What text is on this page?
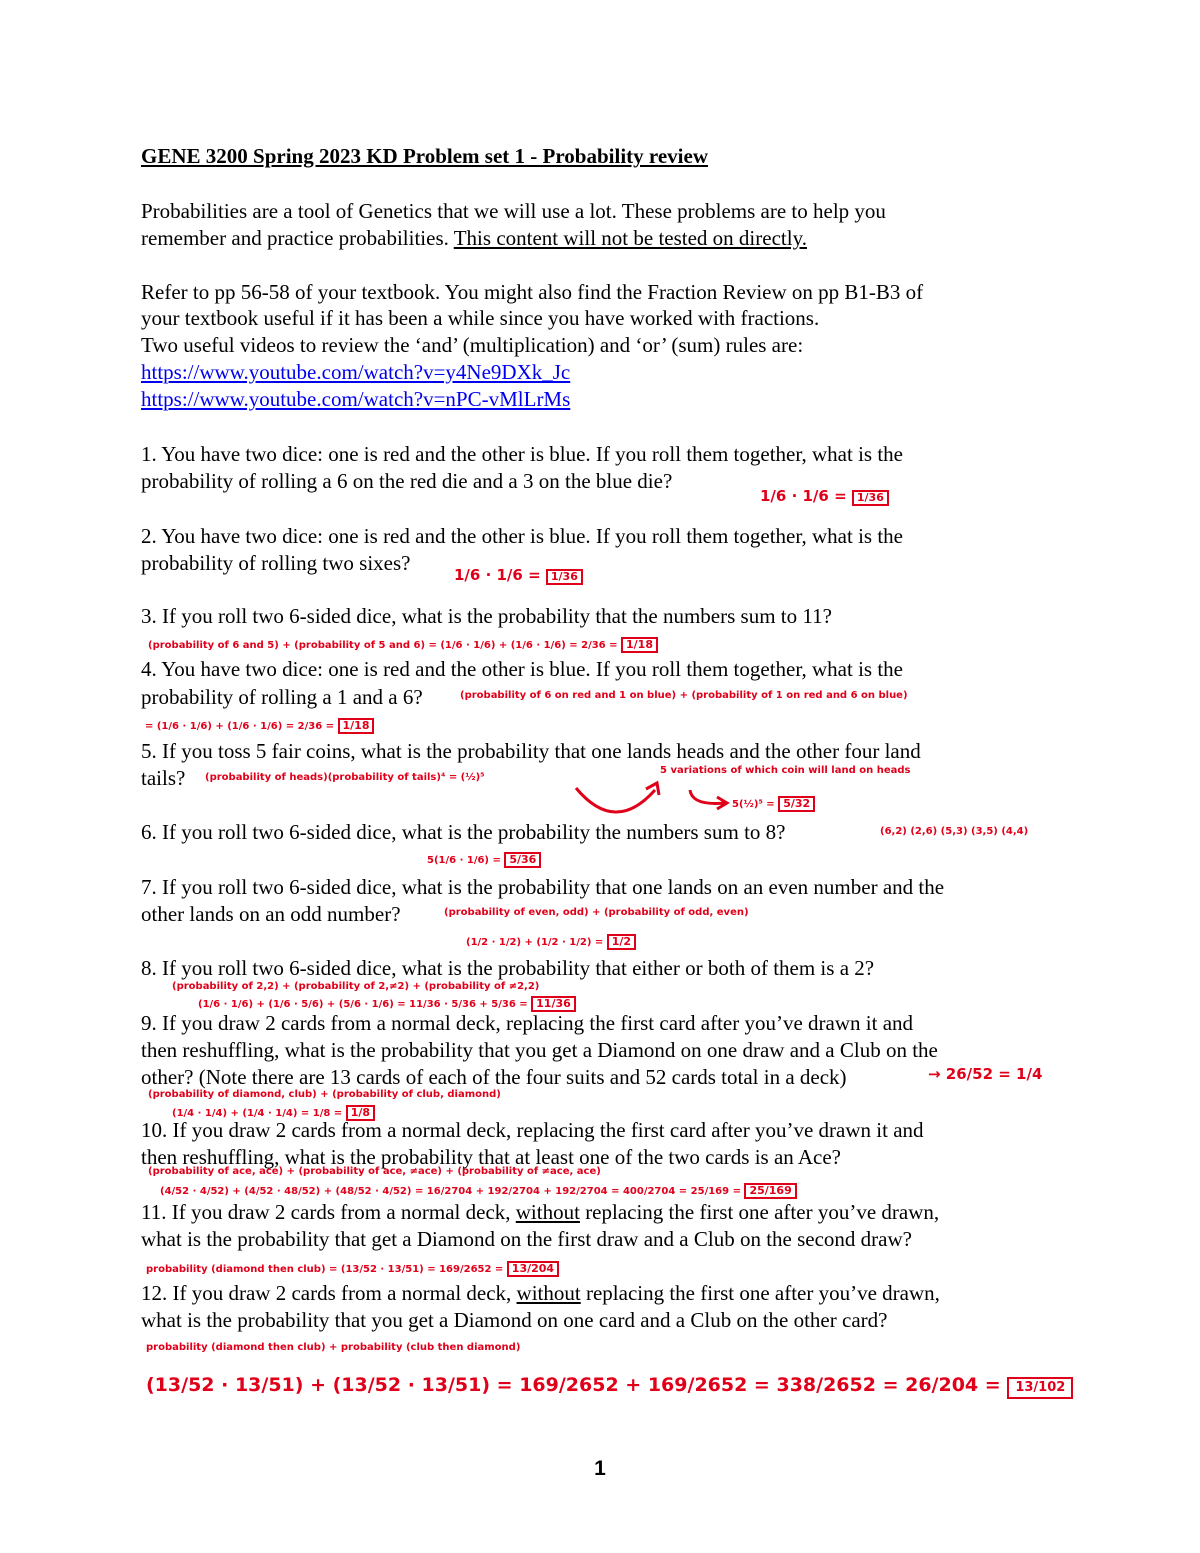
GENE 3200 Spring 2023 KD Problem set 1 - Probability review
Probabilities are a tool of Genetics that we will use a lot. These problems are to help you
remember and practice probabilities. This content will not be tested on directly.
Refer to pp 56-58 of your textbook. You might also find the Fraction Review on pp B1-B3 of
your textbook useful if it has been a while since you have worked with fractions.
Two useful videos to review the ‘and’ (multiplication) and ‘or’ (sum) rules are:
https://www.youtube.com/watch?v=y4Ne9DXk_Jc
https://www.youtube.com/watch?v=nPC-vMlLrMs
1. You have two dice: one is red and the other is blue. If you roll them together, what is the
probability of rolling a 6 on the red die and a 3 on the blue die?
2. You have two dice: one is red and the other is blue. If you roll them together, what is the
probability of rolling two sixes?
3. If you roll two 6-sided dice, what is the probability that the numbers sum to 11?
4. You have two dice: one is red and the other is blue. If you roll them together, what is the
probability of rolling a 1 and a 6?
5. If you toss 5 fair coins, what is the probability that one lands heads and the other four land
tails?
6. If you roll two 6-sided dice, what is the probability the numbers sum to 8?
7. If you roll two 6-sided dice, what is the probability that one lands on an even number and the
other lands on an odd number?
8. If you roll two 6-sided dice, what is the probability that either or both of them is a 2?
9. If you draw 2 cards from a normal deck, replacing the first card after you’ve drawn it and
then reshuffling, what is the probability that you get a Diamond on one draw and a Club on the
other? (Note there are 13 cards of each of the four suits and 52 cards total in a deck)
10. If you draw 2 cards from a normal deck, replacing the first card after you’ve drawn it and
then reshuffling, what is the probability that at least one of the two cards is an Ace?
11. If you draw 2 cards from a normal deck, without replacing the first one after you’ve drawn,
what is the probability that get a Diamond on the first draw and a Club on the second draw?
12. If you draw 2 cards from a normal deck, without replacing the first one after you’ve drawn,
what is the probability that you get a Diamond on one card and a Club on the other card?
1/6 · 1/6 = 1/36
1/6 · 1/6 = 1/36
(probability of 6 and 5) + (probability of 5 and 6) = (1/6 · 1/6) + (1/6 · 1/6) = 2/36 = 1/18
(probability of 6 on red and 1 on blue) + (probability of 1 on red and 6 on blue)
= (1/6 · 1/6) + (1/6 · 1/6) = 2/36 = 1/18
(probability of heads)(probability of tails)⁴ = (½)⁵
5 variations of which coin will land on heads
5(½)⁵ = 5/32
(6,2) (2,6) (5,3) (3,5) (4,4)
5(1/6 · 1/6) = 5/36
(probability of even, odd) + (probability of odd, even)
(1/2 · 1/2) + (1/2 · 1/2) = 1/2
(probability of 2,2) + (probability of 2,≠2) + (probability of ≠2,2)
(1/6 · 1/6) + (1/6 · 5/6) + (5/6 · 1/6) = 11/36 · 5/36 + 5/36 = 11/36
→ 26/52 = 1/4
(probability of diamond, club) + (probability of club, diamond)
(1/4 · 1/4) + (1/4 · 1/4) = 1/8 = 1/8
(probability of ace, ace) + (probability of ace, ≠ace) + (probability of ≠ace, ace)
(4/52 · 4/52) + (4/52 · 48/52) + (48/52 · 4/52) = 16/2704 + 192/2704 + 192/2704 = 400/2704 = 25/169 = 25/169
probability (diamond then club) = (13/52 · 13/51) = 169/2652 = 13/204
probability (diamond then club) + probability (club then diamond)
(13/52 · 13/51) + (13/52 · 13/51) = 169/2652 + 169/2652 = 338/2652 = 26/204 = 13/102
1
